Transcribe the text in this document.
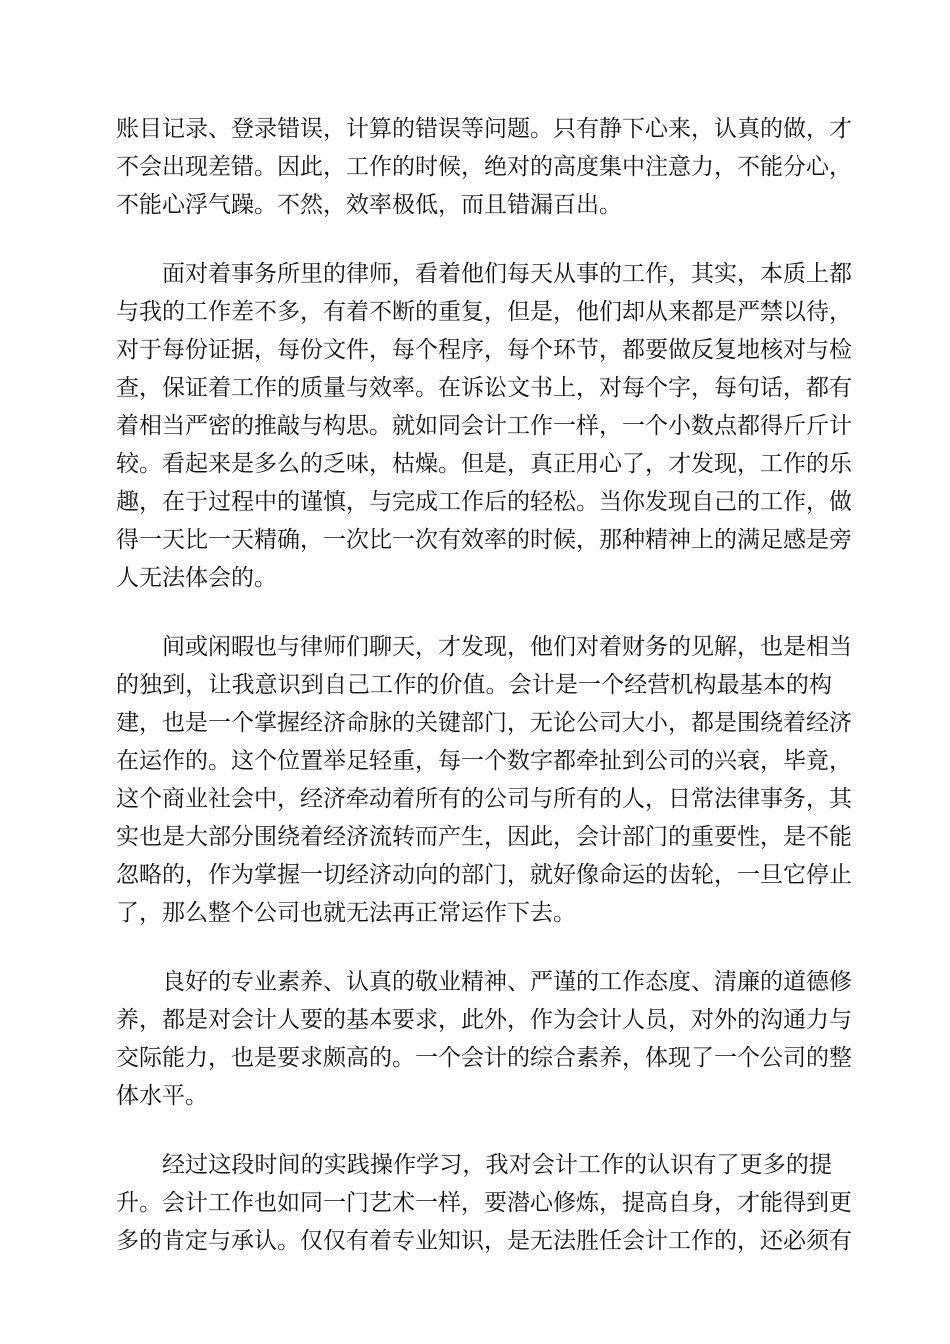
账目记录、登录错误，计算的错误等问题。只有静下心来，认真的做，才
不会出现差错。因此，工作的时候，绝对的高度集中注意力，不能分心，
不能心浮气躁。不然，效率极低，而且错漏百出。
面对着事务所里的律师，看着他们每天从事的工作，其实，本质上都
与我的工作差不多，有着不断的重复，但是，他们却从来都是严禁以待，
对于每份证据，每份文件，每个程序，每个环节，都要做反复地核对与检
查，保证着工作的质量与效率。在诉讼文书上，对每个字，每句话，都有
着相当严密的推敲与构思。就如同会计工作一样，一个小数点都得斤斤计
较。看起来是多么的乏味，枯燥。但是，真正用心了，才发现，工作的乐
趣，在于过程中的谨慎，与完成工作后的轻松。当你发现自己的工作，做
得一天比一天精确，一次比一次有效率的时候，那种精神上的满足感是旁
人无法体会的。
间或闲暇也与律师们聊天，才发现，他们对着财务的见解，也是相当
的独到，让我意识到自己工作的价值。会计是一个经营机构最基本的构
建，也是一个掌握经济命脉的关键部门，无论公司大小，都是围绕着经济
在运作的。这个位置举足轻重，每一个数字都牵扯到公司的兴衰，毕竟，
这个商业社会中，经济牵动着所有的公司与所有的人，日常法律事务，其
实也是大部分围绕着经济流转而产生，因此，会计部门的重要性，是不能
忽略的，作为掌握一切经济动向的部门，就好像命运的齿轮，一旦它停止
了，那么整个公司也就无法再正常运作下去。
良好的专业素养、认真的敬业精神、严谨的工作态度、清廉的道德修
养，都是对会计人要的基本要求，此外，作为会计人员，对外的沟通力与
交际能力，也是要求颇高的。一个会计的综合素养，体现了一个公司的整
体水平。
经过这段时间的实践操作学习，我对会计工作的认识有了更多的提
升。会计工作也如同一门艺术一样，要潜心修炼，提高自身，才能得到更
多的肯定与承认。仅仅有着专业知识，是无法胜任会计工作的，还必须有
